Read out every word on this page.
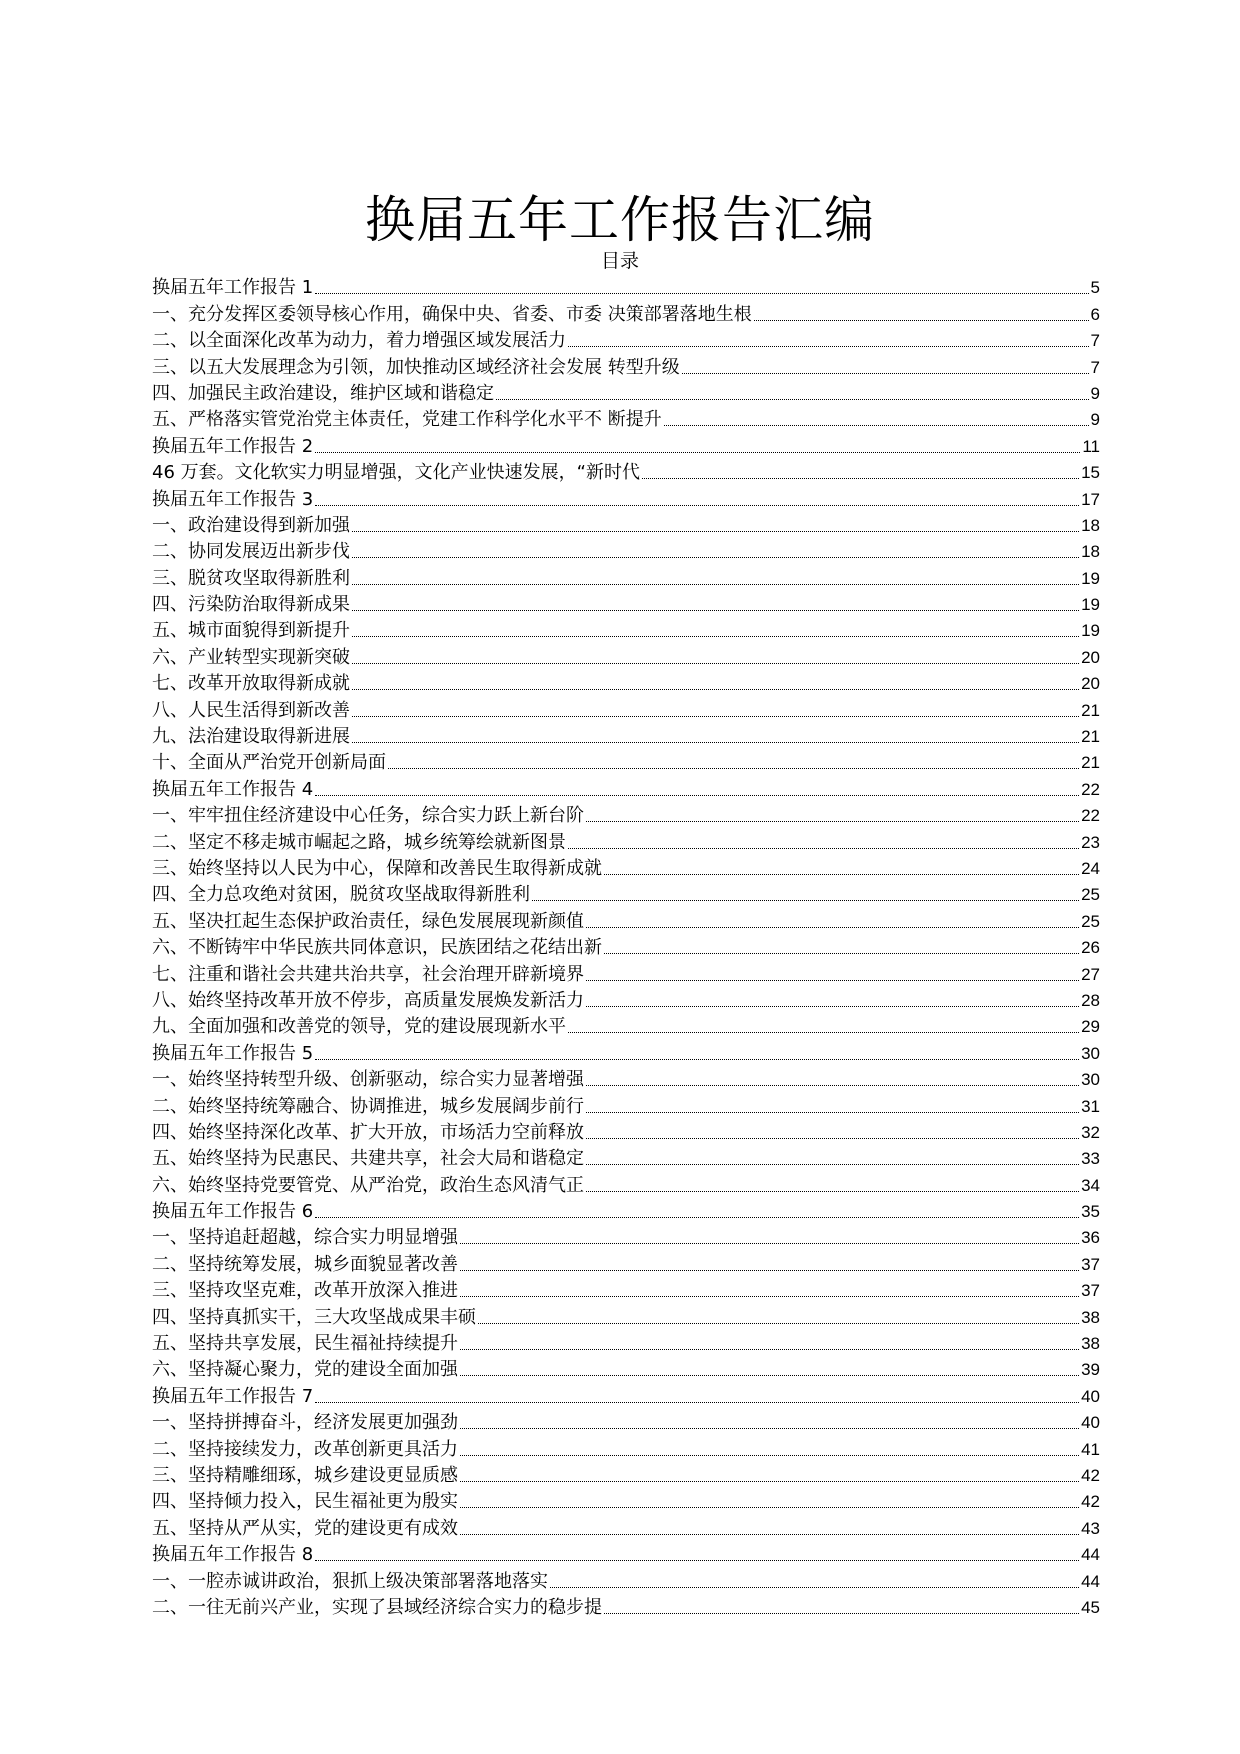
换届五年工作报告汇编
目录
换届五年工作报告 1	5
一、充分发挥区委领导核心作用，确保中央、省委、市委 决策部署落地生根	6
二、以全面深化改革为动力，着力增强区域发展活力	7
三、以五大发展理念为引领，加快推动区域经济社会发展 转型升级	7
四、加强民主政治建设，维护区域和谐稳定	9
五、严格落实管党治党主体责任，党建工作科学化水平不 断提升	9
换届五年工作报告 2	11
46 万套。文化软实力明显增强，文化产业快速发展，“新时代	15
换届五年工作报告 3	17
一、政治建设得到新加强	18
二、协同发展迈出新步伐	18
三、脱贫攻坚取得新胜利	19
四、污染防治取得新成果	19
五、城市面貌得到新提升	19
六、产业转型实现新突破	20
七、改革开放取得新成就	20
八、人民生活得到新改善	21
九、法治建设取得新进展	21
十、全面从严治党开创新局面	21
换届五年工作报告 4	22
一、牢牢扭住经济建设中心任务，综合实力跃上新台阶	22
二、坚定不移走城市崛起之路，城乡统筹绘就新图景	23
三、始终坚持以人民为中心，保障和改善民生取得新成就	24
四、全力总攻绝对贫困，脱贫攻坚战取得新胜利	25
五、坚决扛起生态保护政治责任，绿色发展展现新颜值	25
六、不断铸牢中华民族共同体意识，民族团结之花结出新	26
七、注重和谐社会共建共治共享，社会治理开辟新境界	27
八、始终坚持改革开放不停步，高质量发展焕发新活力	28
九、全面加强和改善党的领导，党的建设展现新水平	29
换届五年工作报告 5	30
一、始终坚持转型升级、创新驱动，综合实力显著增强	30
二、始终坚持统筹融合、协调推进，城乡发展阔步前行	31
四、始终坚持深化改革、扩大开放，市场活力空前释放	32
五、始终坚持为民惠民、共建共享，社会大局和谐稳定	33
六、始终坚持党要管党、从严治党，政治生态风清气正	34
换届五年工作报告 6	35
一、坚持追赶超越，综合实力明显增强	36
二、坚持统筹发展，城乡面貌显著改善	37
三、坚持攻坚克难，改革开放深入推进	37
四、坚持真抓实干，三大攻坚战成果丰硕	38
五、坚持共享发展，民生福祉持续提升	38
六、坚持凝心聚力，党的建设全面加强	39
换届五年工作报告 7	40
一、坚持拼搏奋斗，经济发展更加强劲	40
二、坚持接续发力，改革创新更具活力	41
三、坚持精雕细琢，城乡建设更显质感	42
四、坚持倾力投入，民生福祉更为殷实	42
五、坚持从严从实，党的建设更有成效	43
换届五年工作报告 8	44
一、一腔赤诚讲政治，狠抓上级决策部署落地落实	44
二、一往无前兴产业，实现了县域经济综合实力的稳步提	45
